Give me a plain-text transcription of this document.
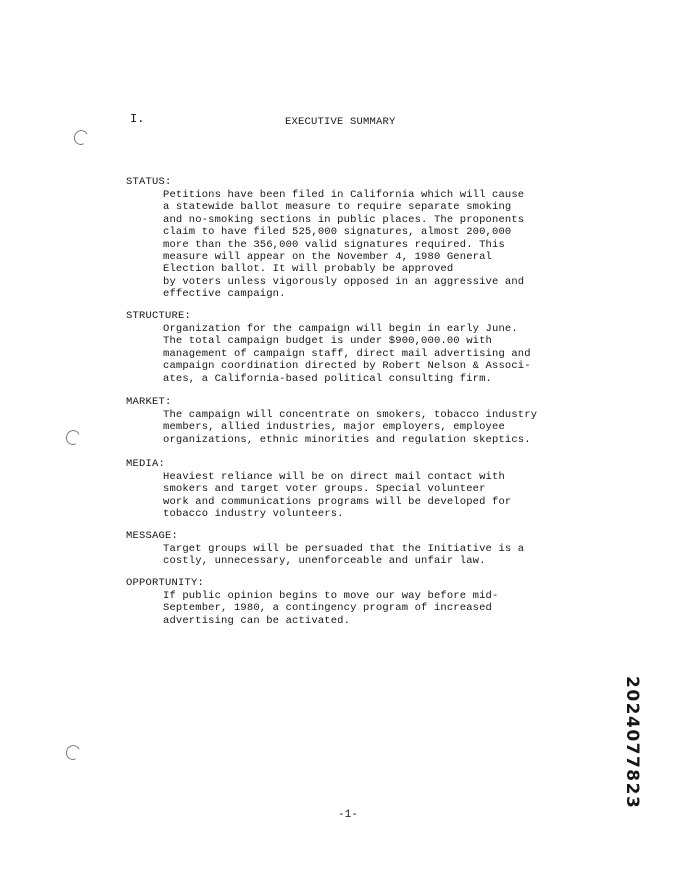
I.	EXECUTIVE SUMMARY
STATUS:
Petitions have been filed in California which will cause
a statewide ballot measure to require separate smoking
and no-smoking sections in public places. The proponents
claim to have filed 525,000 signatures, almost 200,000
more than the 356,000 valid signatures required. This
measure will appear on the November 4, 1980 General
Election ballot. It will probably be approved
by voters unless vigorously opposed in an aggressive and
effective campaign.
STRUCTURE:
Organization for the campaign will begin in early June.
The total campaign budget is under $900,000.00 with
management of campaign staff, direct mail advertising and
campaign coordination directed by Robert Nelson & Associ-
ates, a California-based political consulting firm.
MARKET:
The campaign will concentrate on smokers, tobacco industry
members, allied industries, major employers, employee
organizations, ethnic minorities and regulation skeptics.
MEDIA:
Heaviest reliance will be on direct mail contact with
smokers and target voter groups. Special volunteer
work and communications programs will be developed for
tobacco industry volunteers.
MESSAGE:
Target groups will be persuaded that the Initiative is a
costly, unnecessary, unenforceable and unfair law.
OPPORTUNITY:
If public opinion begins to move our way before mid-
September, 1980, a contingency program of increased
advertising can be activated.
2024077823
-1-
